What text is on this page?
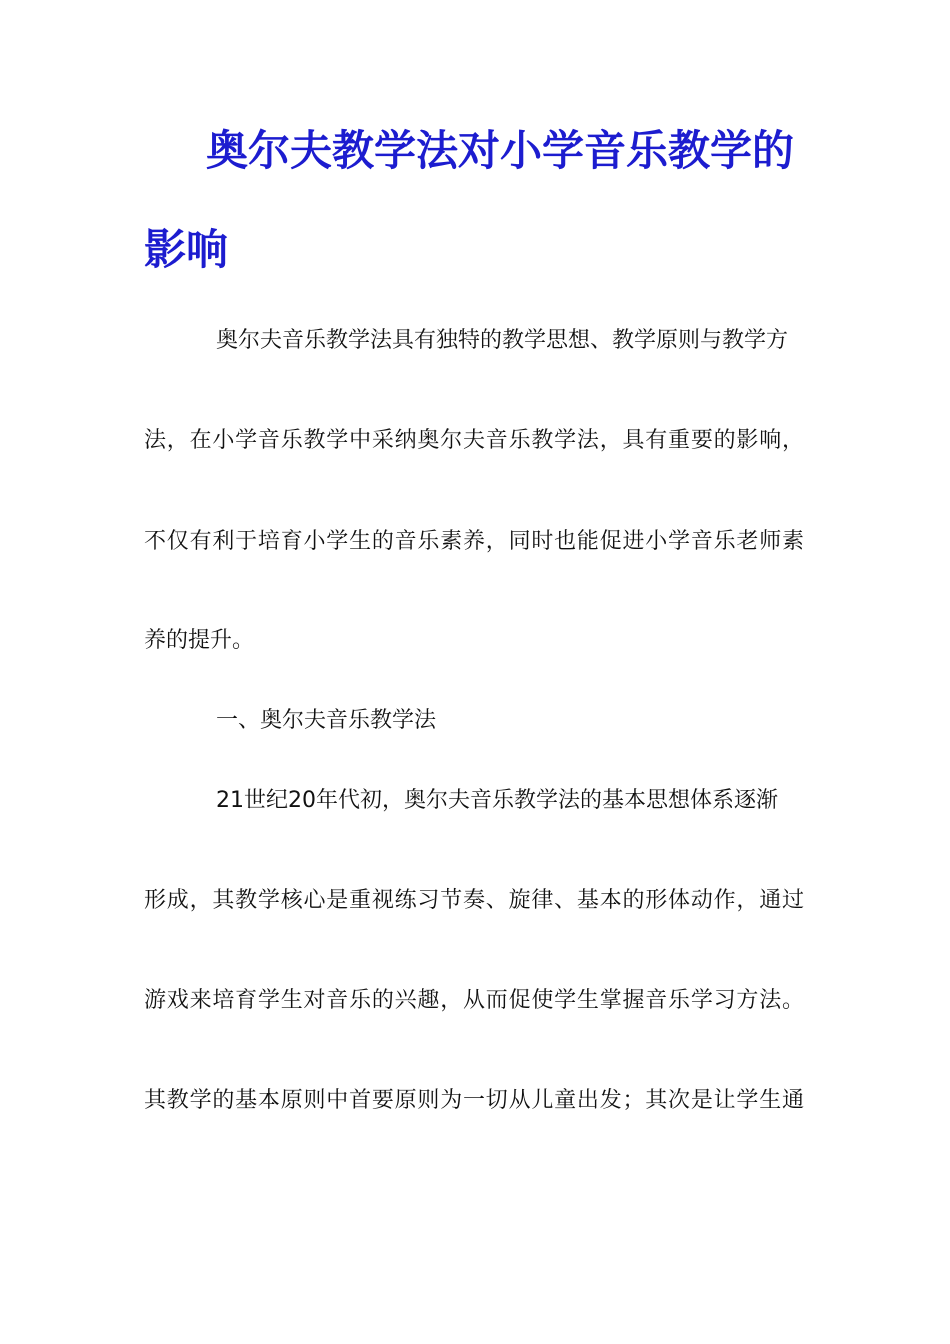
奥尔夫教学法对小学音乐教学的
影响
奥尔夫音乐教学法具有独特的教学思想、教学原则与教学方
法，在小学音乐教学中采纳奥尔夫音乐教学法，具有重要的影响，
不仅有利于培育小学生的音乐素养，同时也能促进小学音乐老师素
养的提升。
一、奥尔夫音乐教学法
21世纪20年代初，奥尔夫音乐教学法的基本思想体系逐渐
形成，其教学核心是重视练习节奏、旋律、基本的形体动作，通过
游戏来培育学生对音乐的兴趣，从而促使学生掌握音乐学习方法。
其教学的基本原则中首要原则为一切从儿童出发；其次是让学生通
